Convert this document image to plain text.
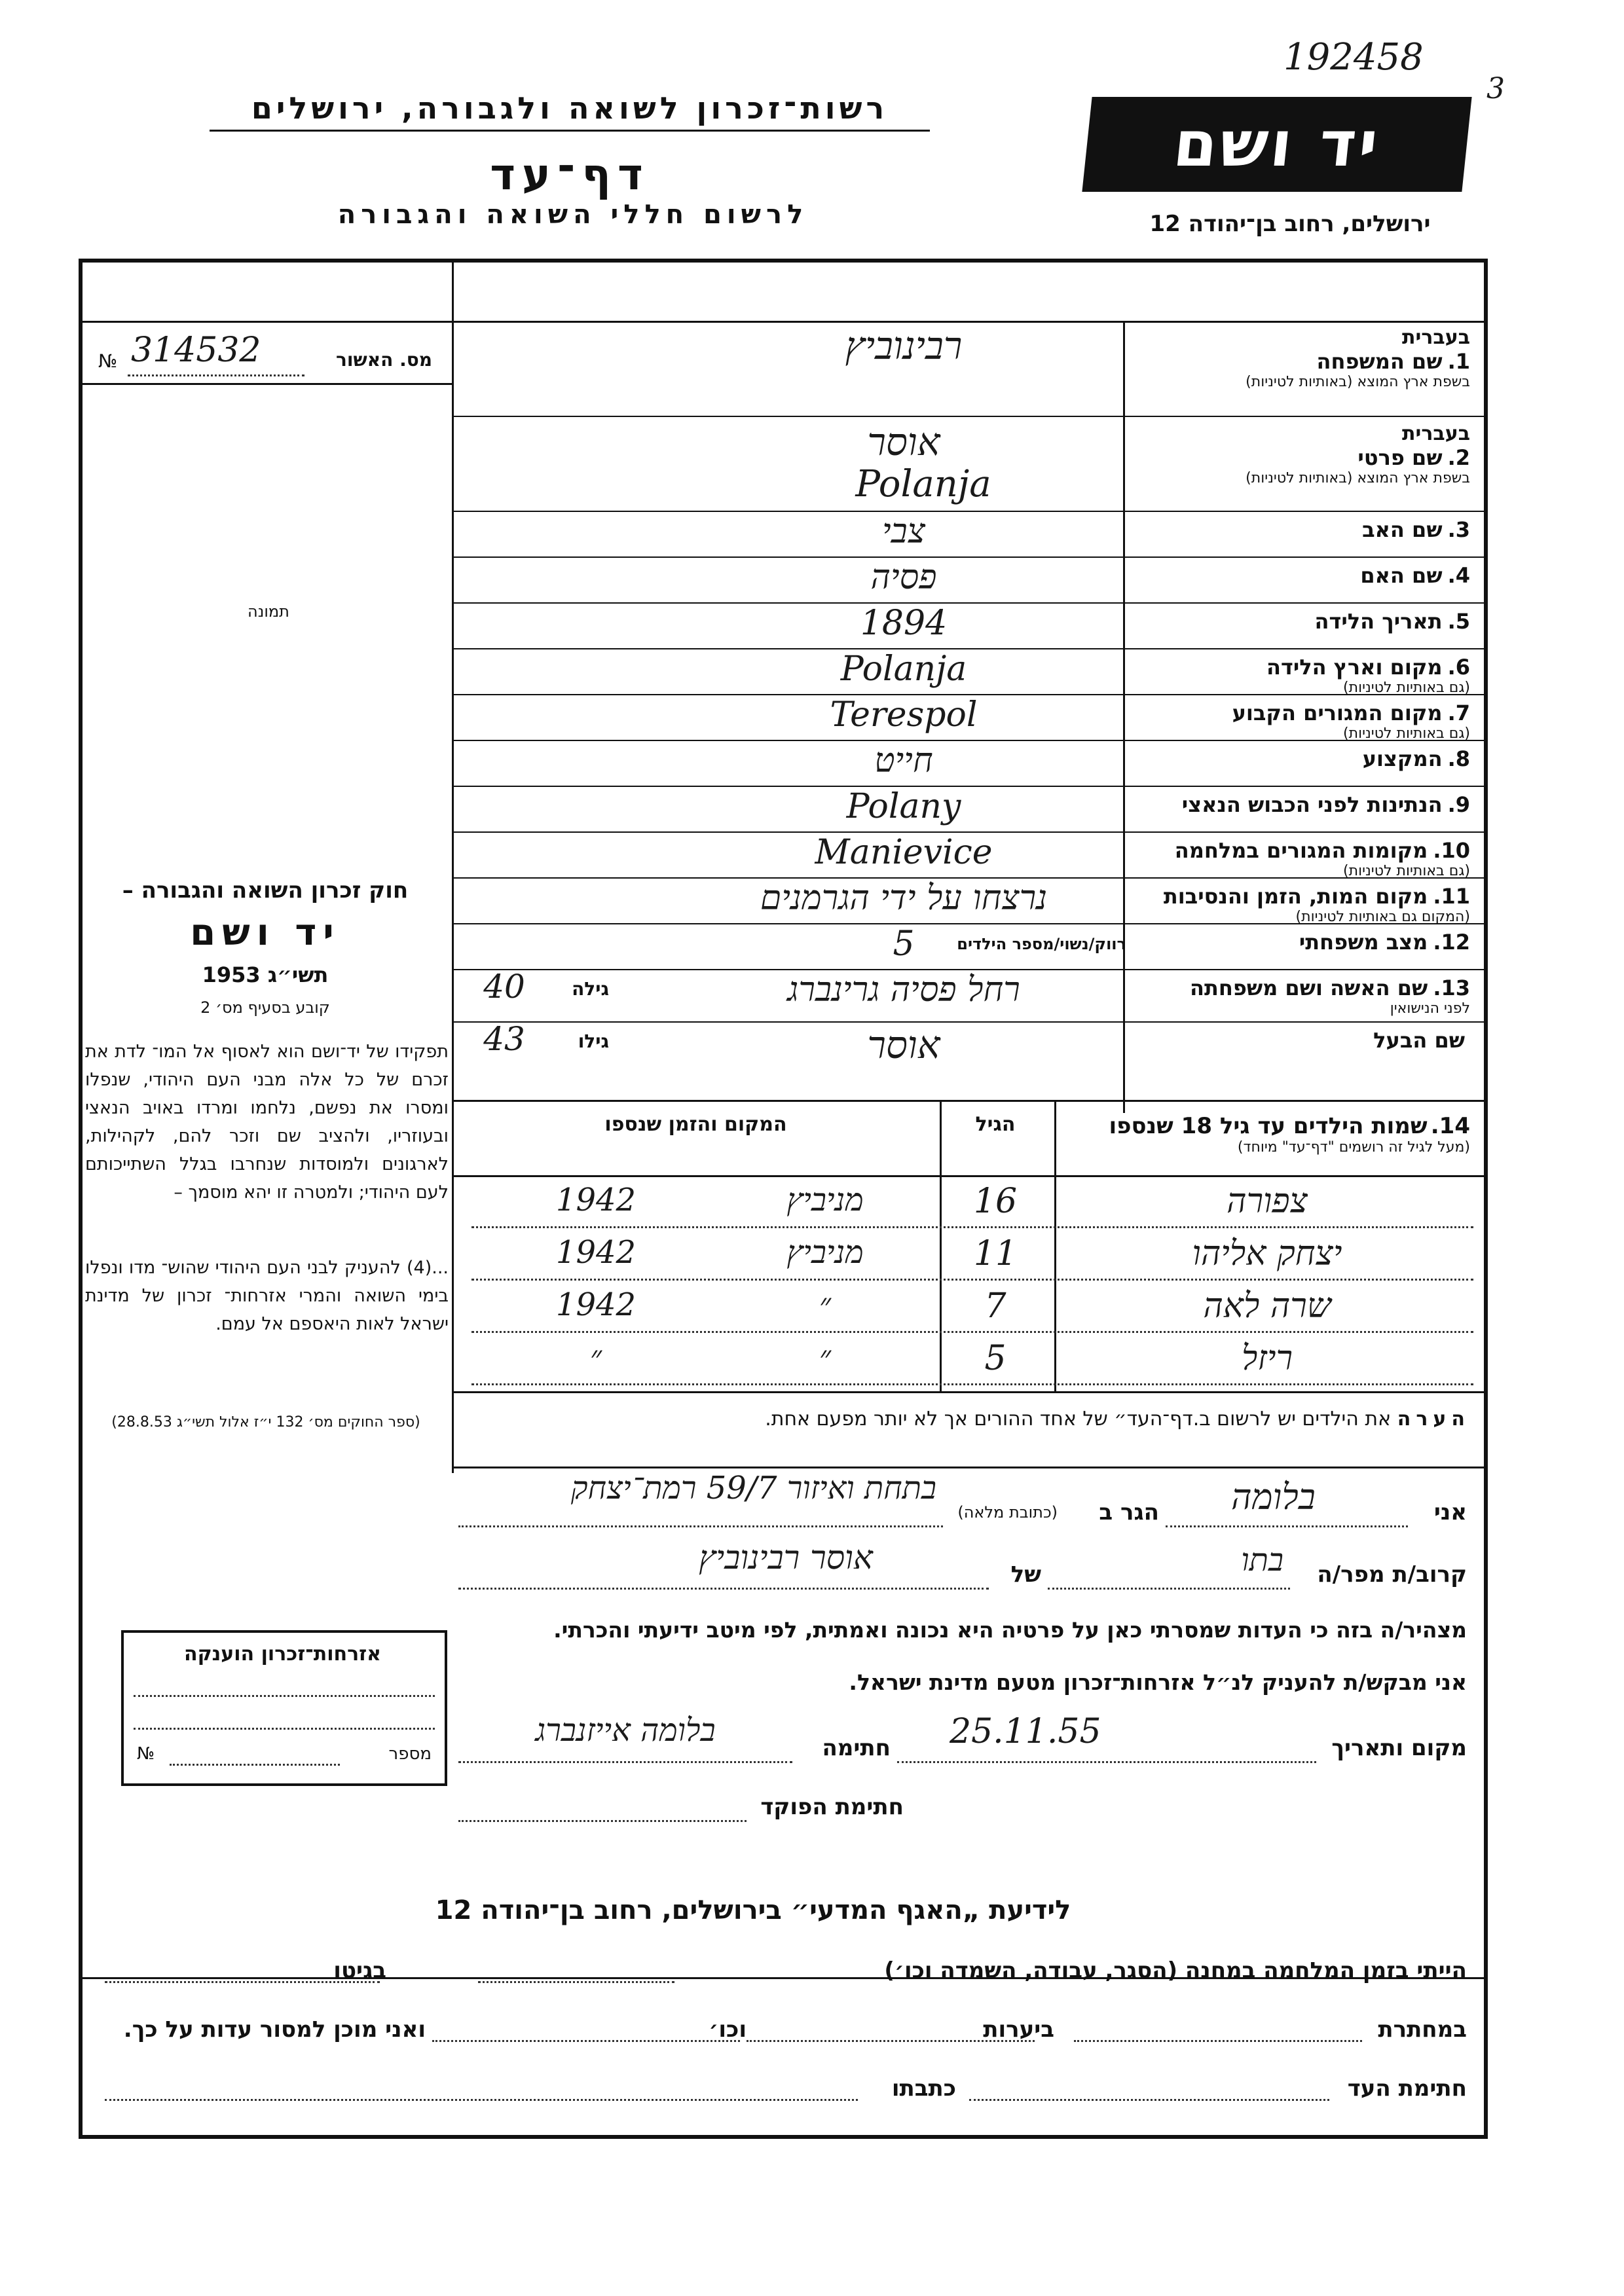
192458
3
רשות־זכרון לשואה ולגבורה, ירושלים
דף־עד
לרשום חללי השואה והגבורה
יד ושם
ירושלים, רחוב בן־יהודה 12
№ 314532	מס. האשור
תמונה
חוק זכרון השואה והגבורה –
יד ושם
תשי״ג 1953
קובע בסעיף מס׳ 2
תפקידו של יד־ושם הוא לאסוף אל המו־ לדת את זכרם של כל אלה מבני העם היהודי, שנפלו ומסרו את נפשם, נלחמו ומרדו באויב הנאצי ובעוזריו, ולהציב שם וזכר להם, לקהילות, לארגונים ולמוסדות שנחרבו בגלל השתייכותם לעם היהודי; ולמטרה זו יהא מוסמך –
...(4) להעניק לבני העם היהודי שהוש־ מדו ונפלו בימי השואה והמרי אזרחות־ זכרון של מדינת ישראל לאות היאספם אל עמם.
(ספר החוקים מס׳ 132 י״ז אלול תשי״ג 28.8.53)
בעברית
1.שם המשפחה
בשפת ארץ המוצא (באותיות לטיניות)
רבינוביץ
בעברית
2.שם פרטי
בשפת ארץ המוצא (באותיות לטיניות)
אוסר
Polanja
3.שם האב
צבי
4.שם האם
פסיה
5.תאריך הלידה
1894
6.מקום וארץ הלידה
(גם באותיות לטיניות)
Polanja
7.מקום המגורים הקבוע
(גם באותיות לטיניות)
Terespol
8.המקצוע
חייט
9.הנתינות לפני הכבוש הנאצי
Polany
10.מקומות המגורים במלחמה
(גם באותיות לטיניות)
Manievice
11.מקום המות, הזמן והנסיבות
(המקום גם באותיות לטיניות)
נרצחו על ידי הגרמנים
12.מצב משפחתי
5	רווק/נשוי/מספר הילדים
13.שם האשה ושם משפחתה
לפני הנישואין
רחל פסיה גרינברג
גילה
40
שם הבעל
אוסר
גילו
43
14. שמות הילדים עד גיל 18 שנספו
(מעל לגיל זה רושמים "דף־עד" מיוחד)
הגיל
המקום והזמן שנספו
צפורה
16
מניביץ
1942
יצחק אליהו
11
מניביץ
1942
שרה לאה
7
״
1942
ריזל
5
״
״
הערה את הילדים יש לרשום ב.דף־העד״ של אחד ההורים אך לא יותר מפעם אחת.
אני
בלומה
הגר ב
(כתובת מלאה)
בתחת ואיזור 59/7 רמת־יצחק
קרוב/ת מפר/ה
בתו
של
אוסר רבינוביץ
מצהיר/ה בזה כי העדות שמסרתי כאן על פרטיה היא נכונה ואמתית, לפי מיטב ידיעתי והכרתי.
אני מבקש/ת להעניק לנ״ל אזרחות־זכרון מטעם מדינת ישראל.
מקום ותאריך
25.11.55
חתימה
בלומה אייזנברג
חתימת הפוקד
אזרחות־זכרון הוענקה
מספר
№
לידיעת „האגף המדעי״ בירושלים, רחוב בן־יהודה 12
הייתי בזמן המלחמה במחנה (הסגר, עבודה, השמדה וכו׳)
בגיטו
במחתרת
ביערות
וכו׳
ואני מוכן למסור עדות על כך.
חתימת העד
כתבתו
